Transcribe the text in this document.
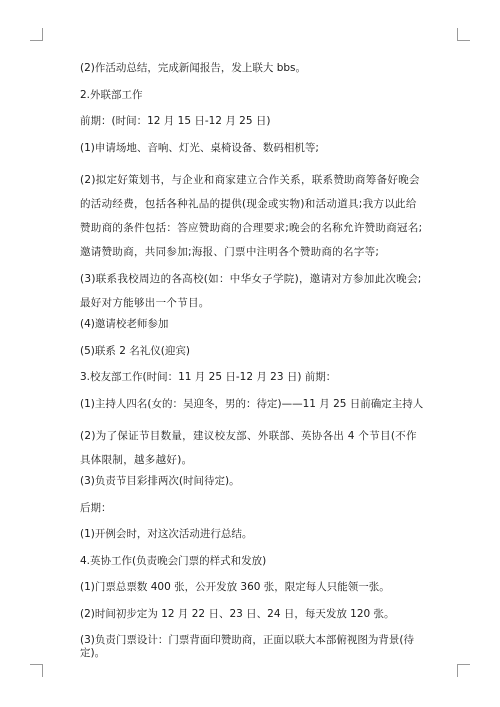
(2)作活动总结，完成新闻报告，发上联大 bbs。

2.外联部工作

前期：(时间：12 月 15 日-12 月 25 日)

(1)申请场地、音响、灯光、桌椅设备、数码相机等;

(2)拟定好策划书，与企业和商家建立合作关系，联系赞助商筹备好晚会的活动经费，包括各种礼品的提供(现金或实物)和活动道具;我方以此给赞助商的条件包括：答应赞助商的合理要求;晚会的名称允许赞助商冠名;邀请赞助商，共同参加;海报、门票中注明各个赞助商的名字等;

(3)联系我校周边的各高校(如：中华女子学院)，邀请对方参加此次晚会;最好对方能够出一个节目。

(4)邀请校老师参加

(5)联系 2 名礼仪(迎宾)

3.校友部工作(时间：11 月 25 日-12 月 23 日) 前期：

(1)主持人四名(女的：吴迎冬，男的：待定)——11 月 25 日前确定主持人

(2)为了保证节目数量，建议校友部、外联部、英协各出 4 个节目(不作具体限制，越多越好)。

(3)负责节目彩排两次(时间待定)。

后期：

(1)开例会时，对这次活动进行总结。

4.英协工作(负责晚会门票的样式和发放)

(1)门票总票数 400 张，公开发放 360 张，限定每人只能领一张。

(2)时间初步定为 12 月 22 日、23 日、24 日，每天发放 120 张。

(3)负责门票设计：门票背面印赞助商，正面以联大本部俯视图为背景(待定)。
